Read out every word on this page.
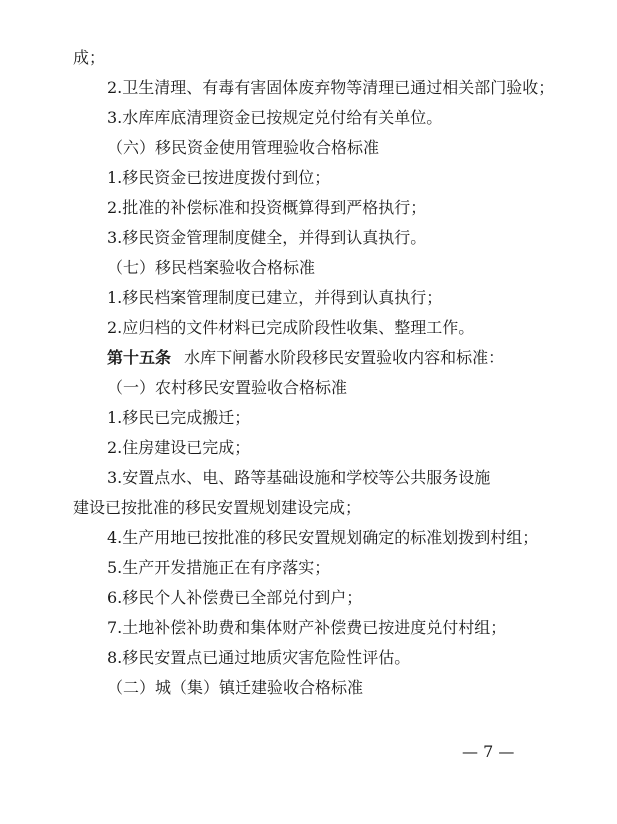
成；
2.卫生清理、有毒有害固体废弃物等清理已通过相关部门验收；
3.水库库底清理资金已按规定兑付给有关单位。
（六）移民资金使用管理验收合格标准
1.移民资金已按进度拨付到位；
2.批准的补偿标准和投资概算得到严格执行；
3.移民资金管理制度健全，并得到认真执行。
（七）移民档案验收合格标准
1.移民档案管理制度已建立，并得到认真执行；
2.应归档的文件材料已完成阶段性收集、整理工作。
第十五条 水库下闸蓄水阶段移民安置验收内容和标准：
（一）农村移民安置验收合格标准
1.移民已完成搬迁；
2.住房建设已完成；
3.安置点水、电、路等基础设施和学校等公共服务设施
建设已按批准的移民安置规划建设完成；
4.生产用地已按批准的移民安置规划确定的标准划拨到村组；
5.生产开发措施正在有序落实；
6.移民个人补偿费已全部兑付到户；
7.土地补偿补助费和集体财产补偿费已按进度兑付村组；
8.移民安置点已通过地质灾害危险性评估。
（二）城（集）镇迁建验收合格标准
— 7 —
